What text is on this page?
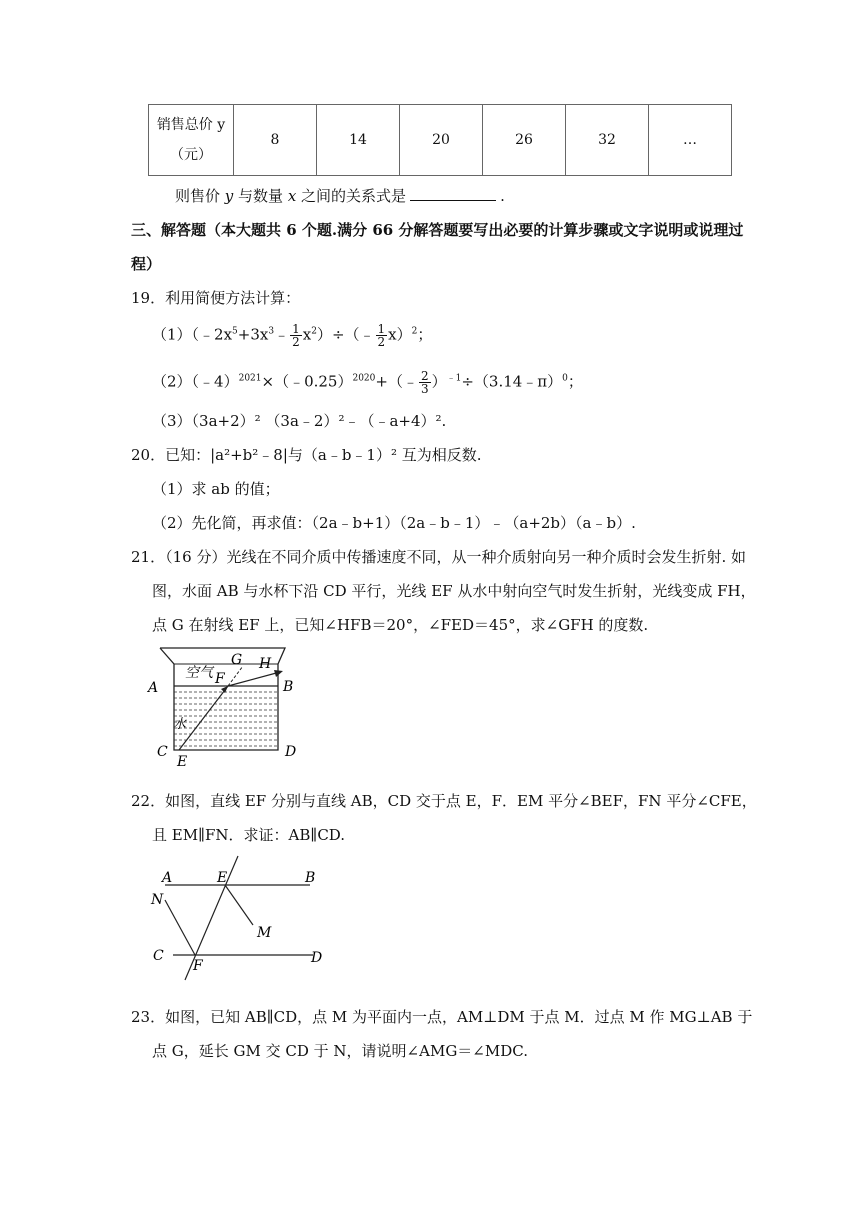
销售总价 y
（元）
	8	14	20	26	32	…
则售价 y 与数量 x 之间的关系式是	.
三、解答题（本大题共 6 个题.满分 66 分解答题要写出必要的计算步骤或文字说明或说理过
程）
19．利用简便方法计算：
$(1)(﹣2x^5+3x^3﹣ \frac{1}{2}$ $x^2)\div(﹣ \frac{1}{2} x)^2$；
（2）（﹣4）$^{2021}$×（﹣0.25）$^{2020}$+（﹣ $\frac{2}{3}$ ）$^{﹣1}$÷（3.14﹣π）$^0$；
（3）（3a+2）² （3a﹣2）²﹣（﹣a+4）².
20．已知：|a²+b²﹣8|与（a﹣b﹣1）² 互为相反数.
（1）求 ab 的值；
（2）先化简，再求值：（2a﹣b+1）（2a﹣b﹣1）﹣（a+2b）（a﹣b）.
21．（16 分）光线在不同介质中传播速度不同，从一种介质射向另一种介质时会发生折射. 如
图，水面 AB 与水杯下沿 CD 平行，光线 EF 从水中射向空气时发生折射，光线变成 FH，
点 G 在射线 EF 上，已知∠HFB＝20°，∠FED＝45°，求∠GFH 的度数.
空气
水
A	B
C	D
E
F
G H
22．如图，直线 EF 分别与直线 AB，CD 交于点 E，F．EM 平分∠BEF，FN 平分∠CFE，
且 EM∥FN．求证：AB∥CD.
A	E	B
N
M
C
F	D
23．如图，已知 AB∥CD，点 M 为平面内一点，AM⊥DM 于点 M．过点 M 作 MG⊥AB 于
点 G，延长 GM 交 CD 于 N，请说明∠AMG＝∠MDC.
